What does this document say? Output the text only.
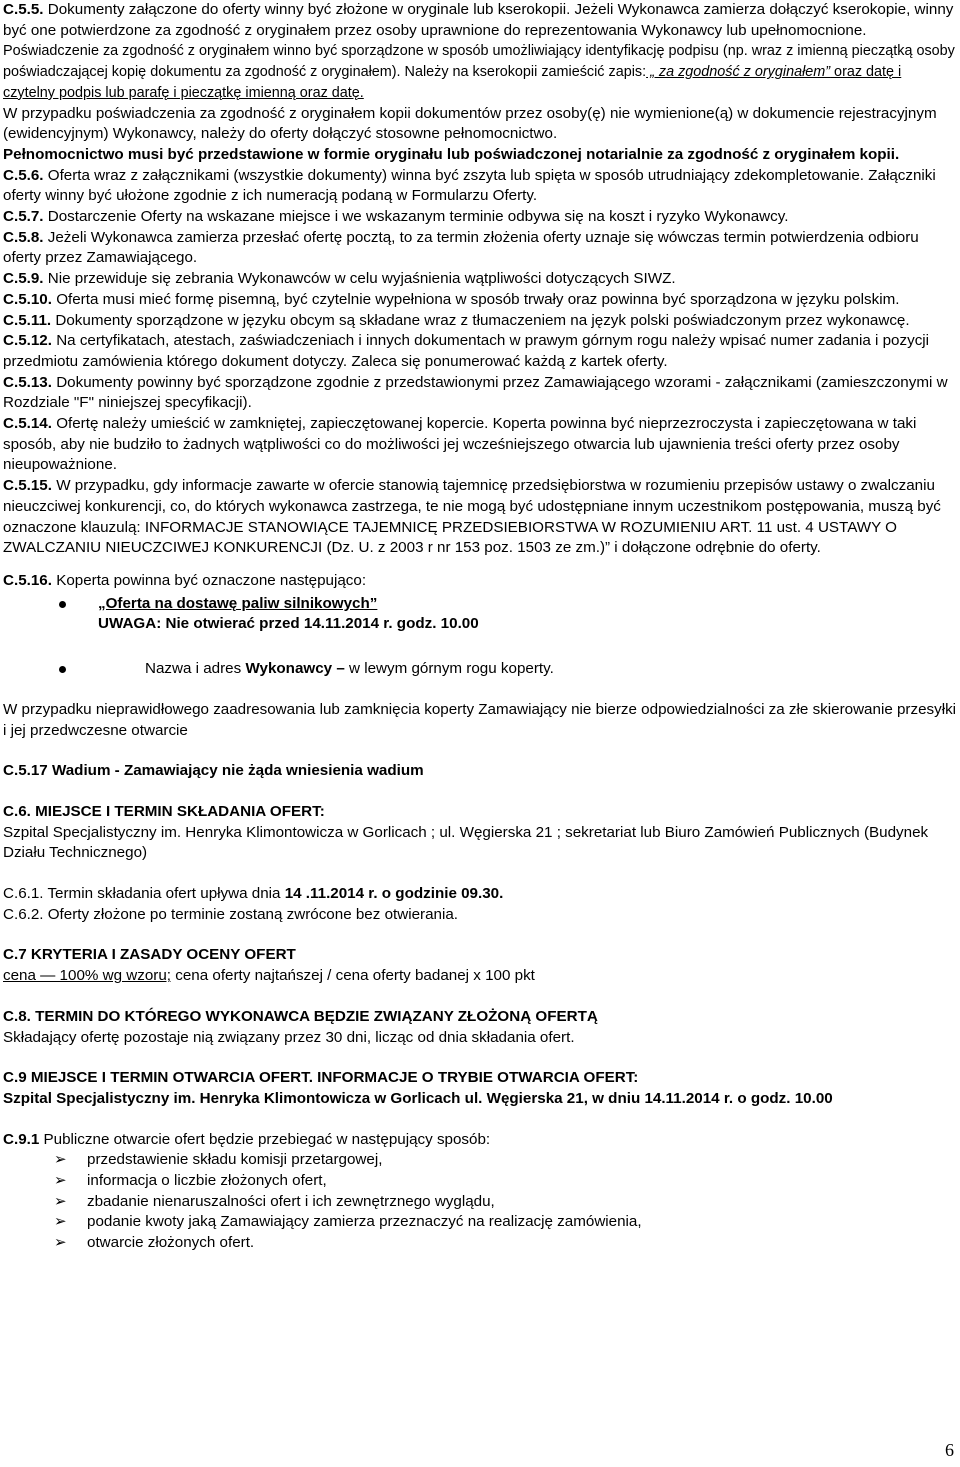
C.5.5. Dokumenty załączone do oferty winny być złożone w oryginale lub kserokopii. Jeżeli Wykonawca zamierza dołączyć kserokopie, winny być one potwierdzone za zgodność z oryginałem przez osoby uprawnione do reprezentowania Wykonawcy lub upełnomocnione. Poświadczenie za zgodność z oryginałem winno być sporządzone w sposób umożliwiający identyfikację podpisu (np. wraz z imienną pieczątką osoby poświadczającej kopię dokumentu za zgodność z oryginałem). Należy na kserokopii zamieścić zapis: „ za zgodność z oryginałem” oraz datę i czytelny podpis lub parafę i pieczątkę imienną oraz datę.

W przypadku poświadczenia za zgodność z oryginałem kopii dokumentów przez osoby(ę) nie wymienione(ą) w dokumencie rejestracyjnym (ewidencyjnym) Wykonawcy, należy do oferty dołączyć stosowne pełnomocnictwo.
Pełnomocnictwo musi być przedstawione w formie oryginału lub poświadczonej notarialnie za zgodność z oryginałem kopii.

C.5.6. Oferta wraz z załącznikami (wszystkie dokumenty) winna być zszyta lub spięta w sposób utrudniający zdekompletowanie. Załączniki oferty winny być ułożone zgodnie z ich numeracją podaną w Formularzu Oferty.

C.5.7. Dostarczenie Oferty na wskazane miejsce i we wskazanym terminie odbywa się na koszt i ryzyko Wykonawcy.

C.5.8. Jeżeli Wykonawca zamierza przesłać ofertę pocztą, to za termin złożenia oferty uznaje się wówczas termin potwierdzenia odbioru oferty przez Zamawiającego.

C.5.9. Nie przewiduje się zebrania Wykonawców w celu wyjaśnienia wątpliwości dotyczących SIWZ.

C.5.10. Oferta musi mieć formę pisemną, być czytelnie wypełniona w sposób trwały oraz powinna być sporządzona w języku polskim.

C.5.11. Dokumenty sporządzone w języku obcym są składane wraz z tłumaczeniem na język polski poświadczonym przez wykonawcę.

C.5.12. Na certyfikatach, atestach, zaświadczeniach i innych dokumentach w prawym górnym rogu należy wpisać numer zadania i pozycji przedmiotu zamówienia którego dokument dotyczy. Zaleca się ponumerować każdą z kartek oferty.

C.5.13. Dokumenty powinny być sporządzone zgodnie z przedstawionymi przez Zamawiającego wzorami - załącznikami (zamieszczonymi w Rozdziale "F" niniejszej specyfikacji).

C.5.14. Ofertę należy umieścić w zamkniętej, zapieczętowanej kopercie. Koperta powinna być nieprzezroczysta i zapieczętowana w taki sposób, aby nie budziło to żadnych wątpliwości co do możliwości jej wcześniejszego otwarcia lub ujawnienia treści oferty przez osoby nieupoważnione.

C.5.15. W przypadku, gdy informacje zawarte w ofercie stanowią tajemnicę przedsiębiorstwa w rozumieniu przepisów ustawy o zwalczaniu nieuczciwej konkurencji, co, do których wykonawca zastrzega, te nie mogą być udostępniane innym uczestnikom postępowania, muszą być oznaczone klauzulą: INFORMACJE STANOWIĄCE TAJEMNICĘ PRZEDSIEBIORSTWA W ROZUMIENIU ART. 11 ust. 4 USTAWY O ZWALCZANIU NIEUCZCIWEJ KONKURENCJI (Dz. U. z 2003 r nr 153 poz. 1503 ze zm.)” i dołączone odrębnie do oferty.

C.5.16. Koperta powinna być oznaczone następująco:

„Oferta na dostawę paliw silnikowych”
UWAGA: Nie otwierać przed 14.11.2014 r. godz. 10.00
Nazwa i adres Wykonawcy – w lewym górnym rogu koperty.

W przypadku nieprawidłowego zaadresowania lub zamknięcia koperty Zamawiający nie bierze odpowiedzialności za złe skierowanie przesyłki i jej przedwczesne otwarcie

C.5.17 Wadium - Zamawiający nie żąda wniesienia wadium

C.6. MIEJSCE I TERMIN SKŁADANIA OFERT:

Szpital Specjalistyczny im. Henryka Klimontowicza w Gorlicach ; ul. Węgierska 21 ; sekretariat lub Biuro Zamówień Publicznych (Budynek Działu Technicznego)

C.6.1. Termin składania ofert upływa dnia 14 .11.2014 r. o godzinie 09.30.

C.6.2. Oferty złożone po terminie zostaną zwrócone bez otwierania.

C.7 KRYTERIA I ZASADY OCENY OFERT

cena — 100% wg wzoru; cena oferty najtańszej / cena oferty badanej x 100 pkt

C.8. TERMIN DO KTÓREGO WYKONAWCA BĘDZIE ZWIĄZANY ZŁOŻONĄ OFERTĄ

Składający ofertę pozostaje nią związany przez 30 dni, licząc od dnia składania ofert.

C.9 MIEJSCE I TERMIN OTWARCIA OFERT. INFORMACJE O TRYBIE OTWARCIA OFERT:

Szpital Specjalistyczny im. Henryka Klimontowicza w Gorlicach ul. Węgierska 21, w dniu 14.11.2014 r. o godz. 10.00

C.9.1 Publiczne otwarcie ofert będzie przebiegać w następujący sposób:

➢	przedstawienie składu komisji przetargowej,
➢	informacja o liczbie złożonych ofert,
➢	zbadanie nienaruszalności ofert i ich zewnętrznego wyglądu,
➢	podanie kwoty jaką Zamawiający zamierza przeznaczyć na realizację zamówienia,
➢	otwarcie złożonych ofert.
6
